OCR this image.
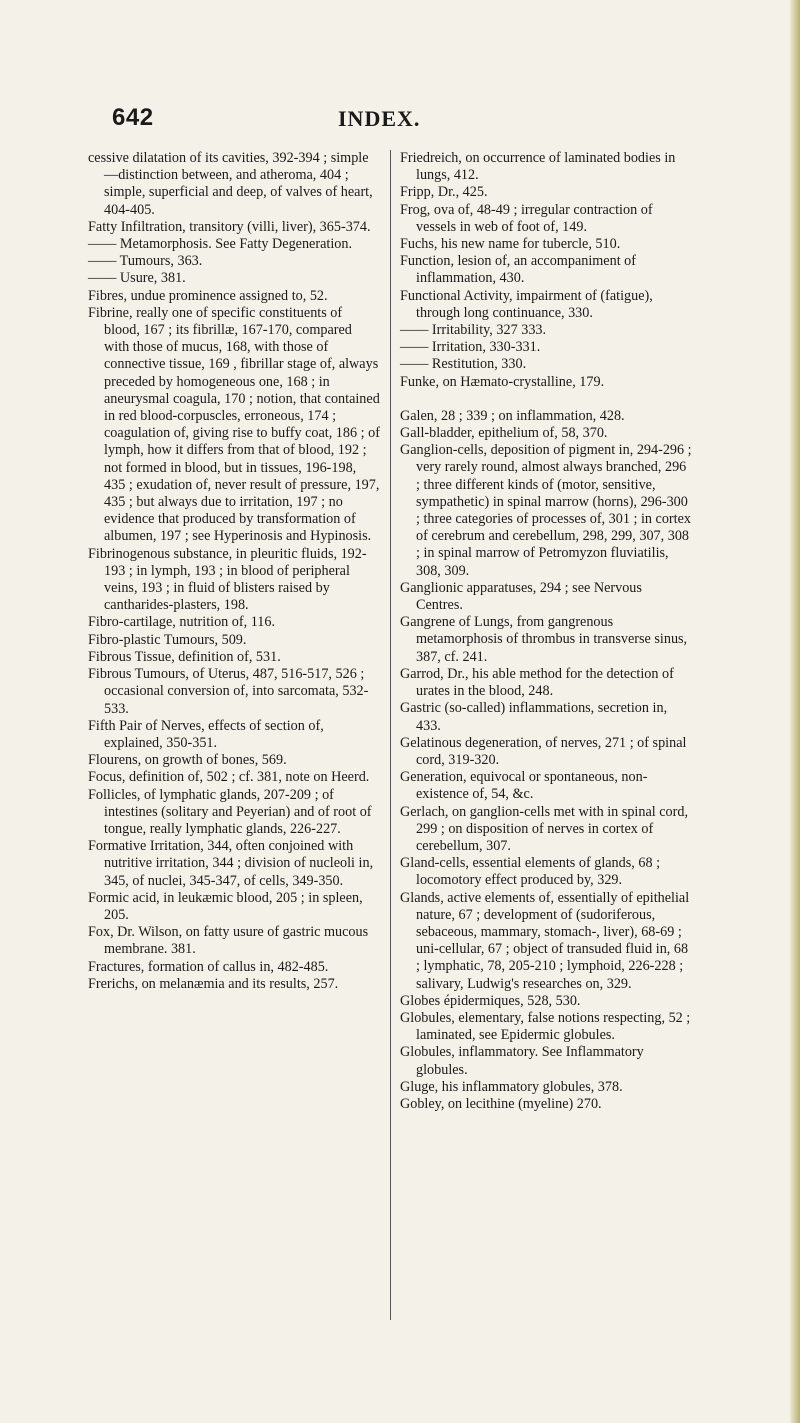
642	INDEX.

cessive dilatation of its cavities, 392-394 ; simple—distinction between, and atheroma, 404 ; simple, superficial and deep, of valves of heart, 404-405.

Fatty Infiltration, transitory (villi, liver), 365-374.

—— Metamorphosis. See Fatty Degeneration.

—— Tumours, 363.

—— Usure, 381.

Fibres, undue prominence assigned to, 52.

Fibrine, really one of specific constituents of blood, 167 ; its fibrillæ, 167-170, compared with those of mucus, 168, with those of connective tissue, 169 , fibrillar stage of, always preceded by homogeneous one, 168 ; in aneurysmal coagula, 170 ; notion, that contained in red blood-corpuscles, erroneous, 174 ; coagulation of, giving rise to buffy coat, 186 ; of lymph, how it differs from that of blood, 192 ; not formed in blood, but in tissues, 196-198, 435 ; exudation of, never result of pressure, 197, 435 ; but always due to irritation, 197 ; no evidence that produced by transformation of albumen, 197 ; see Hyperinosis and Hypinosis.

Fibrinogenous substance, in pleuritic fluids, 192-193 ; in lymph, 193 ; in blood of peripheral veins, 193 ; in fluid of blisters raised by cantharides-plasters, 198.

Fibro-cartilage, nutrition of, 116.

Fibro-plastic Tumours, 509.

Fibrous Tissue, definition of, 531.

Fibrous Tumours, of Uterus, 487, 516-517, 526 ; occasional conversion of, into sarcomata, 532-533.

Fifth Pair of Nerves, effects of section of, explained, 350-351.

Flourens, on growth of bones, 569.

Focus, definition of, 502 ; cf. 381, note on Heerd.

Follicles, of lymphatic glands, 207-209 ; of intestines (solitary and Peyerian) and of root of tongue, really lymphatic glands, 226-227.

Formative Irritation, 344, often conjoined with nutritive irritation, 344 ; division of nucleoli in, 345, of nuclei, 345-347, of cells, 349-350.

Formic acid, in leukæmic blood, 205 ; in spleen, 205.

Fox, Dr. Wilson, on fatty usure of gastric mucous membrane. 381.

Fractures, formation of callus in, 482-485.

Frerichs, on melanæmia and its results, 257.

Friedreich, on occurrence of laminated bodies in lungs, 412.

Fripp, Dr., 425.

Frog, ova of, 48-49 ; irregular contraction of vessels in web of foot of, 149.

Fuchs, his new name for tubercle, 510.

Function, lesion of, an accompaniment of inflammation, 430.

Functional Activity, impairment of (fatigue), through long continuance, 330.

—— Irritability, 327 333.

—— Irritation, 330-331.

—— Restitution, 330.

Funke, on Hæmato-crystalline, 179.

Galen, 28 ; 339 ; on inflammation, 428.

Gall-bladder, epithelium of, 58, 370.

Ganglion-cells, deposition of pigment in, 294-296 ; very rarely round, almost always branched, 296 ; three different kinds of (motor, sensitive, sympathetic) in spinal marrow (horns), 296-300 ; three categories of processes of, 301 ; in cortex of cerebrum and cerebellum, 298, 299, 307, 308 ; in spinal marrow of Petromyzon fluviatilis, 308, 309.

Ganglionic apparatuses, 294 ; see Nervous Centres.

Gangrene of Lungs, from gangrenous metamorphosis of thrombus in transverse sinus, 387, cf. 241.

Garrod, Dr., his able method for the detection of urates in the blood, 248.

Gastric (so-called) inflammations, secretion in, 433.

Gelatinous degeneration, of nerves, 271 ; of spinal cord, 319-320.

Generation, equivocal or spontaneous, non-existence of, 54, &c.

Gerlach, on ganglion-cells met with in spinal cord, 299 ; on disposition of nerves in cortex of cerebellum, 307.

Gland-cells, essential elements of glands, 68 ; locomotory effect produced by, 329.

Glands, active elements of, essentially of epithelial nature, 67 ; development of (sudoriferous, sebaceous, mammary, stomach-, liver), 68-69 ; uni-cellular, 67 ; object of transuded fluid in, 68 ; lymphatic, 78, 205-210 ; lymphoid, 226-228 ; salivary, Ludwig's researches on, 329.

Globes épidermiques, 528, 530.

Globules, elementary, false notions respecting, 52 ; laminated, see Epidermic globules.

Globules, inflammatory. See Inflammatory globules.

Gluge, his inflammatory globules, 378.

Gobley, on lecithine (myeline) 270.
